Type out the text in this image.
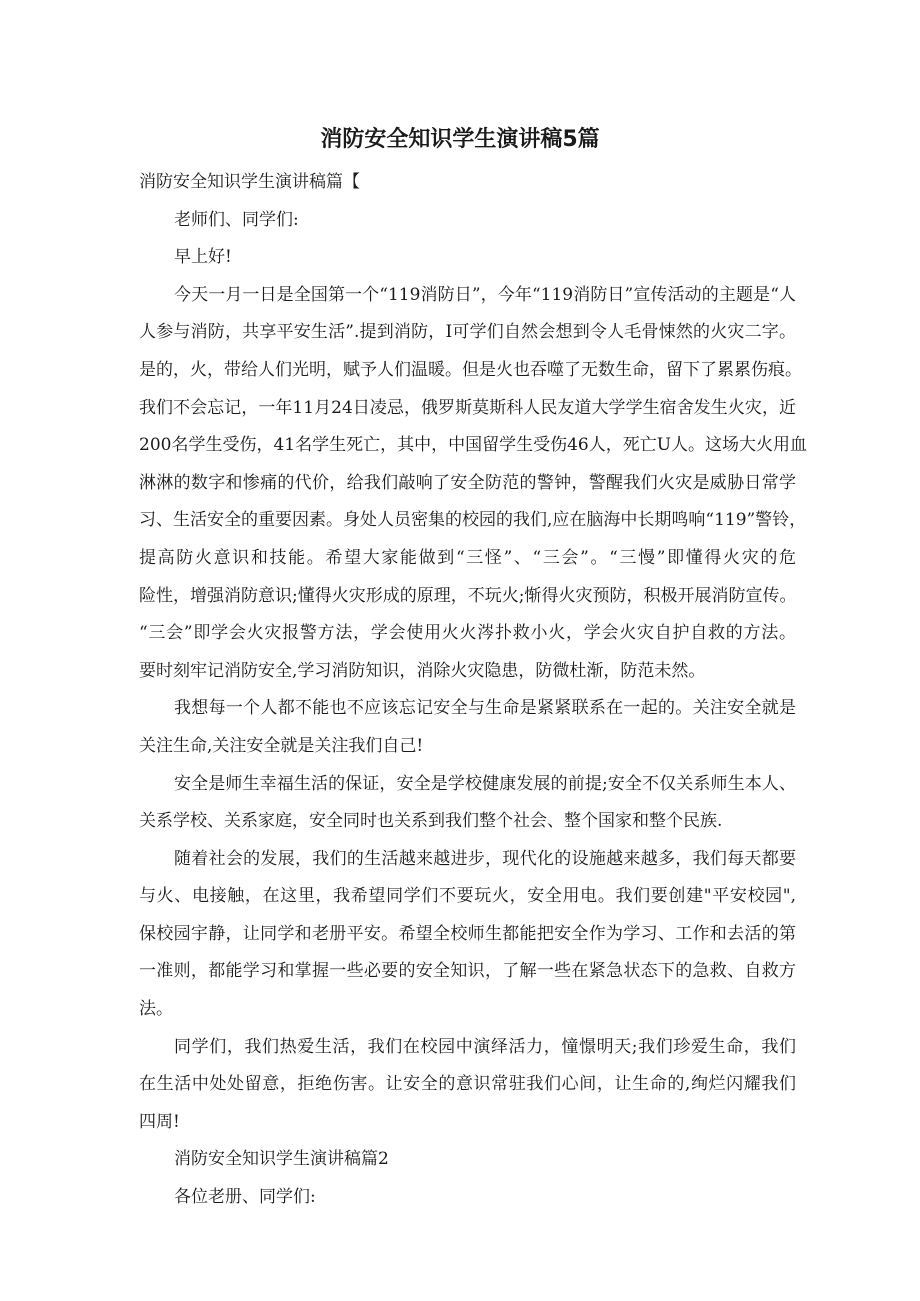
消防安全知识学生演讲稿5篇
消防安全知识学生演讲稿篇【
老师们、同学们:
早上好!
今天一月一日是全国第一个“119消防日”，今年“119消防日”宣传活动的主题是“人
人参与消防，共享平安生活”.提到消防，I可学们自然会想到令人毛骨悚然的火灾二字。
是的，火，带给人们光明，赋予人们温暖。但是火也吞噬了无数生命，留下了累累伤痕。
我们不会忘记，一年11月24日凌忌，俄罗斯莫斯科人民友道大学学生宿舍发生火灾，近
200名学生受伤，41名学生死亡，其中，中国留学生受伤46人，死亡U人。这场大火用血
淋淋的数字和惨痛的代价，给我们敲响了安全防范的警钟，警醒我们火灾是威胁日常学
习、生活安全的重要因素。身处人员密集的校园的我们,应在脑海中长期鸣响“119”警铃，
提高防火意识和技能。希望大家能做到“三怪”、“三会”。“三慢”即懂得火灾的危
险性，增强消防意识;懂得火灾形成的原理，不玩火;惭得火灾预防，积极开展消防宣传。
“三会”即学会火灾报警方法，学会使用火火涔扑救小火，学会火灾自护自救的方法。
要时刻牢记消防安全,学习消防知识，消除火灾隐患，防微杜渐，防范未然。
我想每一个人都不能也不应该忘记安全与生命是紧紧联系在一起的。关注安全就是
关注生命,关注安全就是关注我们自己!
安全是师生幸福生活的保证，安全是学校健康发展的前提;安全不仅关系师生本人、
关系学校、关系家庭，安全同时也关系到我们整个社会、整个国家和整个民族.
随着社会的发展，我们的生活越来越进步，现代化的设施越来越多，我们每天都要
与火、电接触，在这里，我希望同学们不要玩火，安全用电。我们要创建"平安校园",
保校园宇静，让同学和老册平安。希望全校师生都能把安全作为学习、工作和去活的第
一准则，都能学习和掌握一些必要的安全知识，了解一些在紧急状态下的急救、自救方
法。
同学们，我们热爱生活，我们在校园中演绎活力，憧憬明天;我们珍爱生命，我们
在生活中处处留意，拒绝伤害。让安全的意识常驻我们心间，让生命的,绚烂闪耀我们
四周!
消防安全知识学生演讲稿篇2
各位老册、同学们:
